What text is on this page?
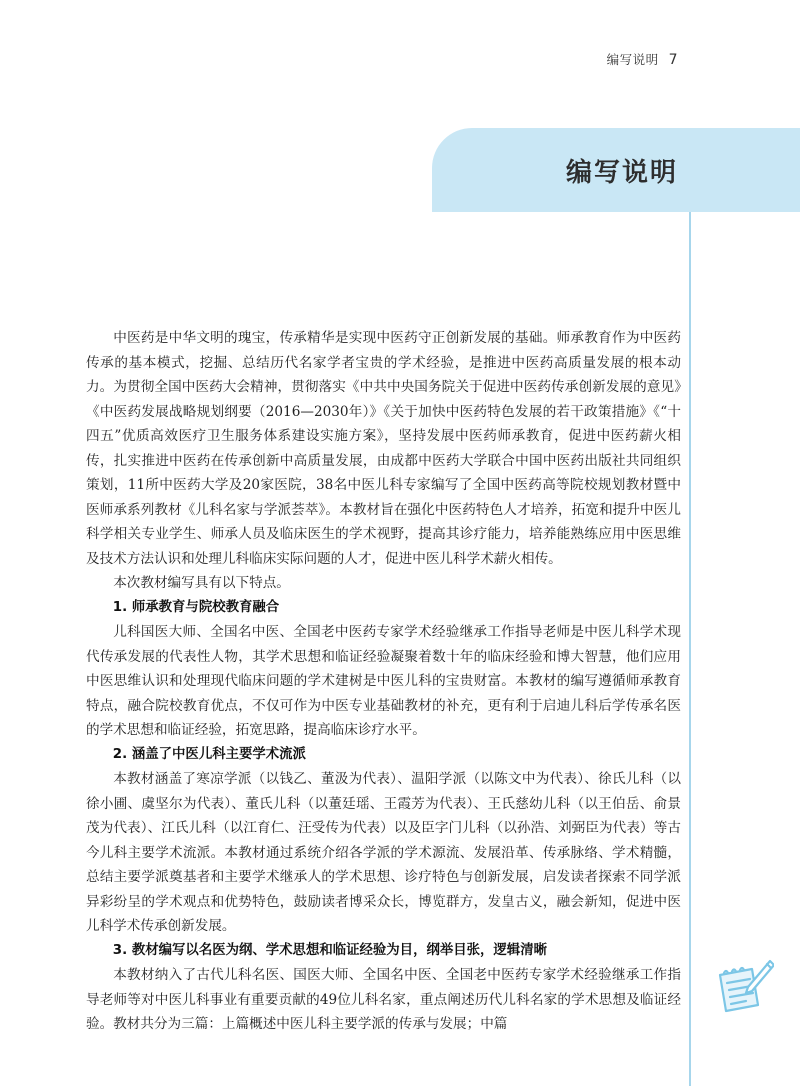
编写说明 7
编写说明

中医药是中华文明的瑰宝，传承精华是实现中医药守正创新发展的基础。师承教育作为中医药传承的基本模式，挖掘、总结历代名家学者宝贵的学术经验，是推进中医药高质量发展的根本动力。为贯彻全国中医药大会精神，贯彻落实《中共中央国务院关于促进中医药传承创新发展的意见》《中医药发展战略规划纲要（2016—2030年）》《关于加快中医药特色发展的若干政策措施》《“十四五”优质高效医疗卫生服务体系建设实施方案》，坚持发展中医药师承教育，促进中医药薪火相传，扎实推进中医药在传承创新中高质量发展，由成都中医药大学联合中国中医药出版社共同组织策划，11所中医药大学及20家医院，38名中医儿科专家编写了全国中医药高等院校规划教材暨中医师承系列教材《儿科名家与学派荟萃》。本教材旨在强化中医药特色人才培养，拓宽和提升中医儿科学相关专业学生、师承人员及临床医生的学术视野，提高其诊疗能力，培养能熟练应用中医思维及技术方法认识和处理儿科临床实际问题的人才，促进中医儿科学术薪火相传。

本次教材编写具有以下特点。

1. 师承教育与院校教育融合

儿科国医大师、全国名中医、全国老中医药专家学术经验继承工作指导老师是中医儿科学术现代传承发展的代表性人物，其学术思想和临证经验凝聚着数十年的临床经验和博大智慧，他们应用中医思维认识和处理现代临床问题的学术建树是中医儿科的宝贵财富。本教材的编写遵循师承教育特点，融合院校教育优点，不仅可作为中医专业基础教材的补充，更有利于启迪儿科后学传承名医的学术思想和临证经验，拓宽思路，提高临床诊疗水平。

2. 涵盖了中医儿科主要学术流派

本教材涵盖了寒凉学派（以钱乙、董汲为代表）、温阳学派（以陈文中为代表）、徐氏儿科（以徐小圃、虞坚尔为代表）、董氏儿科（以董廷瑶、王霞芳为代表）、王氏慈幼儿科（以王伯岳、俞景茂为代表）、江氏儿科（以江育仁、汪受传为代表）以及臣字门儿科（以孙浩、刘弼臣为代表）等古今儿科主要学术流派。本教材通过系统介绍各学派的学术源流、发展沿革、传承脉络、学术精髓，总结主要学派奠基者和主要学术继承人的学术思想、诊疗特色与创新发展，启发读者探索不同学派异彩纷呈的学术观点和优势特色，鼓励读者博采众长，博览群方，发皇古义，融会新知，促进中医儿科学术传承创新发展。

3. 教材编写以名医为纲、学术思想和临证经验为目，纲举目张，逻辑清晰

本教材纳入了古代儿科名医、国医大师、全国名中医、全国老中医药专家学术经验继承工作指导老师等对中医儿科事业有重要贡献的49位儿科名家，重点阐述历代儿科名家的学术思想及临证经验。教材共分为三篇：上篇概述中医儿科主要学派的传承与发展；中篇
